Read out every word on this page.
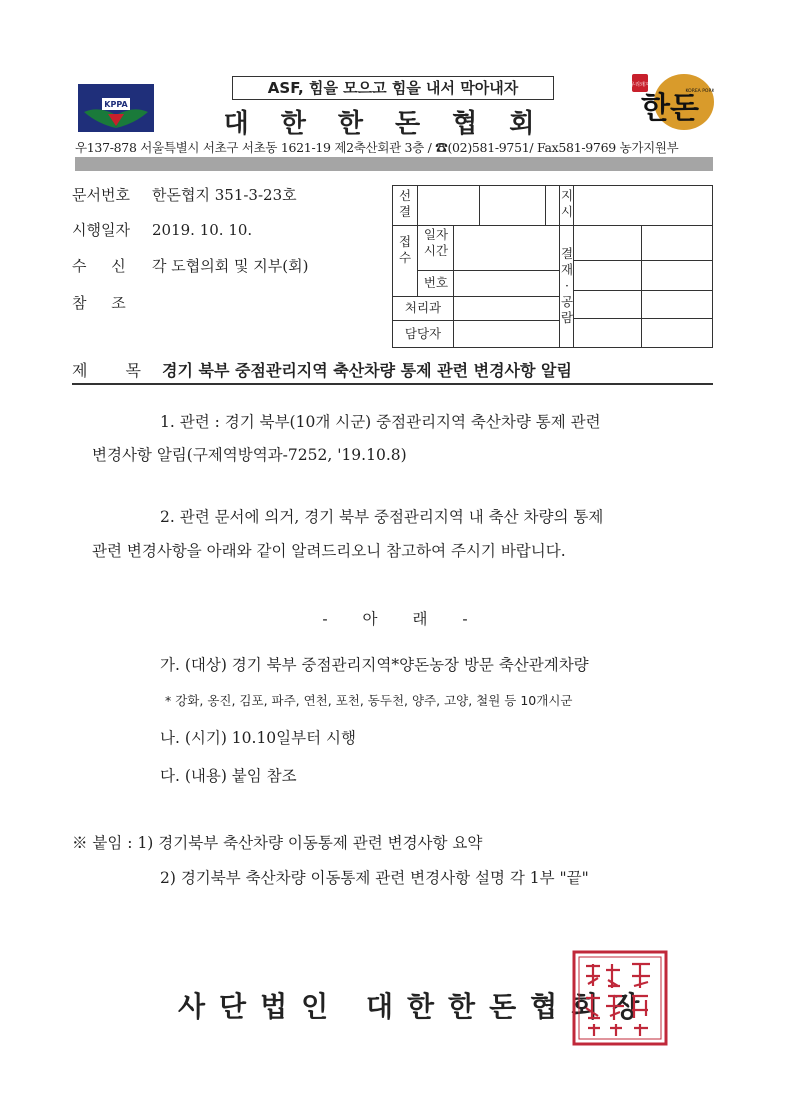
ASF, 힘을 모으고 힘을 내서 막아내자
대한한돈협회
우137-878 서울특별시 서초구 서초동 1621-19 제2축산회관 3층 / ☎(02)581-9751/ Fax581-9769 농가지원부
KPPA
우리돼지
한돈
KOREA PORK
문서번호 한돈협지 351-3-23호
시행일자 2019. 10. 10.
수 신 각 도협의회 및 지부(회)
참 조
선결
지시
접수
일자 시간
번호
결재·공람
처리과
담당자
제목경기 북부 중점관리지역 축산차량 통제 관련 변경사항 알림
1. 관련 : 경기 북부(10개 시군) 중점관리지역 축산차량 통제 관련
변경사항 알림(구제역방역과-7252, '19.10.8)
2. 관련 문서에 의거, 경기 북부 중점관리지역 내 축산 차량의 통제
관련 변경사항을 아래와 같이 알려드리오니 참고하여 주시기 바랍니다.
- 아 래 -
가. (대상) 경기 북부 중점관리지역*양돈농장 방문 축산관계차량
* 강화, 옹진, 김포, 파주, 연천, 포천, 동두천, 양주, 고양, 철원 등 10개시군
나. (시기) 10.10일부터 시행
다. (내용) 붙임 참조
※ 붙임 : 1) 경기북부 축산차량 이동통제 관련 변경사항 요약
2) 경기북부 축산차량 이동통제 관련 변경사항 설명 각 1부 "끝"
사단법인 대한한돈협회장
